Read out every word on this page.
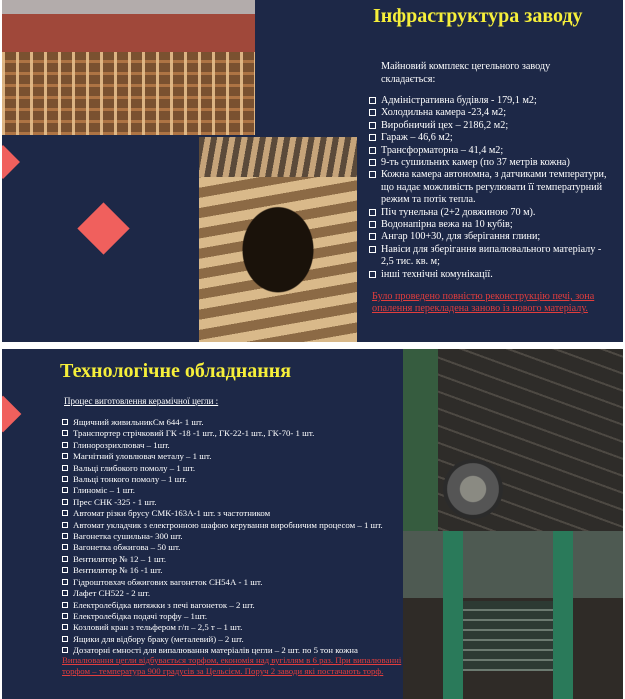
Інфраструктура заводу
Майновий комплекс цегельного заводу складається:
Адміністративна будівля - 179,1 м2;
Холодильна камера -23,4 м2;
Виробничий цех – 2186,2 м2;
Гараж – 46,6 м2;
Трансформаторна – 41,4 м2;
9-ть сушильних камер (по 37 метрів кожна)
Кожна камера автономна, з датчиками температури, що надає можливість регулювати її температурний режим та потік тепла.
Піч тунельна (2+2 довжиною 70 м).
Водонапірна вежа на 10 кубів;
Ангар 100+30, для зберігання глини;
Навіси для зберігання випалювального матеріалу - 2,5 тис. кв. м;
інші технічні комунікації.
Було проведено повністю реконструкцію печі, зона опалення перекладена заново із нового матеріалу.
Технологічне обладнання
Процес виготовлення керамічної цегли :
Ящичний живильникСм 644- 1 шт.
Транспортер стрічковий ГК -18 -1 шт., ГК-22-1 шт., ГК-70- 1 шт.
Глинорозрихлювач – 1шт.
Магнітний уловлювач металу – 1 шт.
Вальці глибокого помолу – 1 шт.
Вальці тонкого помолу – 1 шт.
Глиноміс – 1 шт.
Прес СНК -325 - 1 шт.
Автомат різки брусу СМК-163А-1 шт. з частотником
Автомат укладчик з електронною шафою керування виробничим процесом – 1 шт.
Вагонетка сушильна- 300 шт.
Вагонетка обжигова – 50 шт.
Вентилятор № 12 – 1 шт.
Вентилятор № 16 -1 шт.
Гідроштовхач обжигових вагонеток СН54А - 1 шт.
Лафет СН522 - 2 шт.
Електролебідка витяжки з печі вагонеток – 2 шт.
Електролебідка подачі торфу – 1шт.
Козловий кран з тельфером г/п – 2,5 т – 1 шт.
Ящики для відбору браку (металевий) – 2 шт.
Дозаторні ємності для випалювання матеріалів цегли – 2 шт. по 5 тон кожна
Випалювання цегли відбувається торфом, економія над вугіллям в 6 раз. При випалюванні торфом – температура 900 градусів за Цельсієм. Поруч 2 заводи які постачають торф.
